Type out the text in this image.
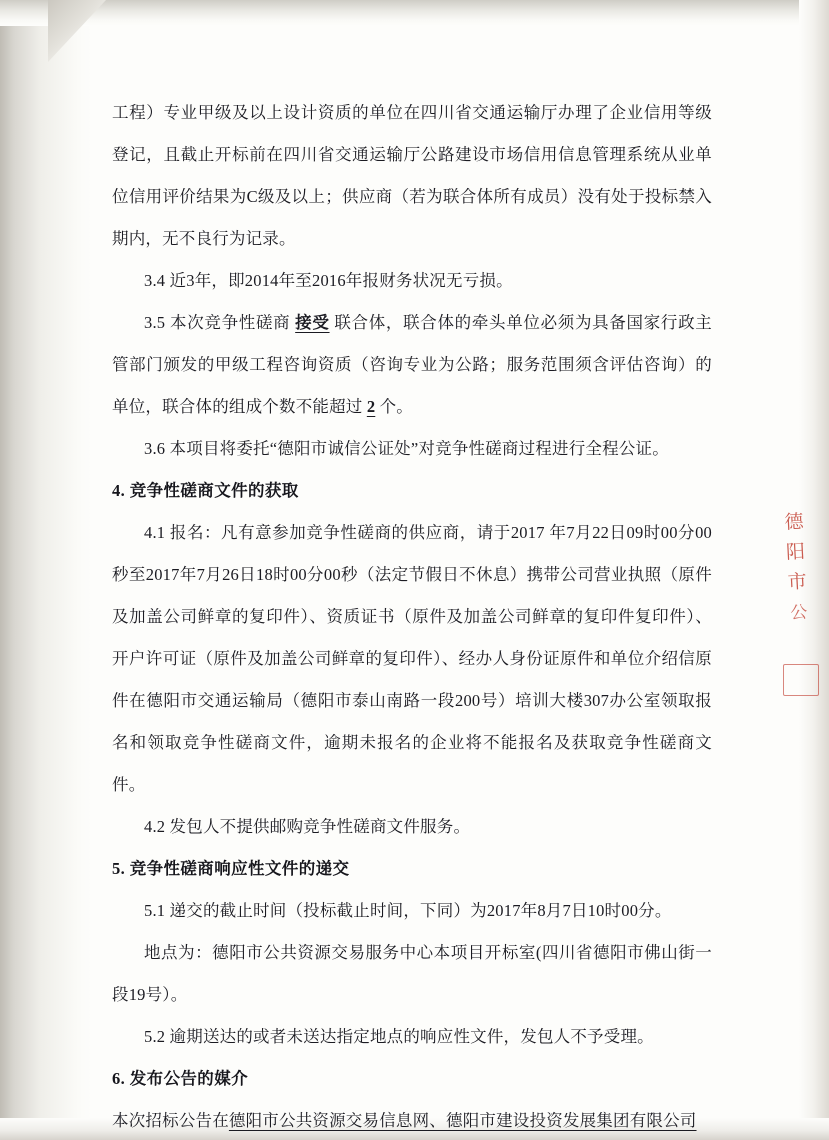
工程）专业甲级及以上设计资质的单位在四川省交通运输厅办理了企业信用等级登记，且截止开标前在四川省交通运输厅公路建设市场信用信息管理系统从业单位信用评价结果为C级及以上；供应商（若为联合体所有成员）没有处于投标禁入期内，无不良行为记录。

3.4 近3年，即2014年至2016年报财务状况无亏损。

3.5 本次竞争性磋商 接受 联合体，联合体的牵头单位必须为具备国家行政主管部门颁发的甲级工程咨询资质（咨询专业为公路；服务范围须含评估咨询）的单位，联合体的组成个数不能超过 2 个。

3.6 本项目将委托“德阳市诚信公证处”对竞争性磋商过程进行全程公证。

4. 竞争性磋商文件的获取

4.1 报名：凡有意参加竞争性磋商的供应商，请于2017 年7月22日09时00分00秒至2017年7月26日18时00分00秒（法定节假日不休息）携带公司营业执照（原件及加盖公司鲜章的复印件）、资质证书（原件及加盖公司鲜章的复印件复印件）、开户许可证（原件及加盖公司鲜章的复印件）、经办人身份证原件和单位介绍信原件在德阳市交通运输局（德阳市泰山南路一段200号）培训大楼307办公室领取报名和领取竞争性磋商文件，逾期未报名的企业将不能报名及获取竞争性磋商文件。

4.2 发包人不提供邮购竞争性磋商文件服务。

5. 竞争性磋商响应性文件的递交

5.1 递交的截止时间（投标截止时间，下同）为2017年8月7日10时00分。

地点为：德阳市公共资源交易服务中心本项目开标室(四川省德阳市佛山街一段19号）。

5.2 逾期送达的或者未送达指定地点的响应性文件，发包人不予受理。

6. 发布公告的媒介

本次招标公告在德阳市公共资源交易信息网、德阳市建设投资发展集团有限公司

德
阳
市
公
